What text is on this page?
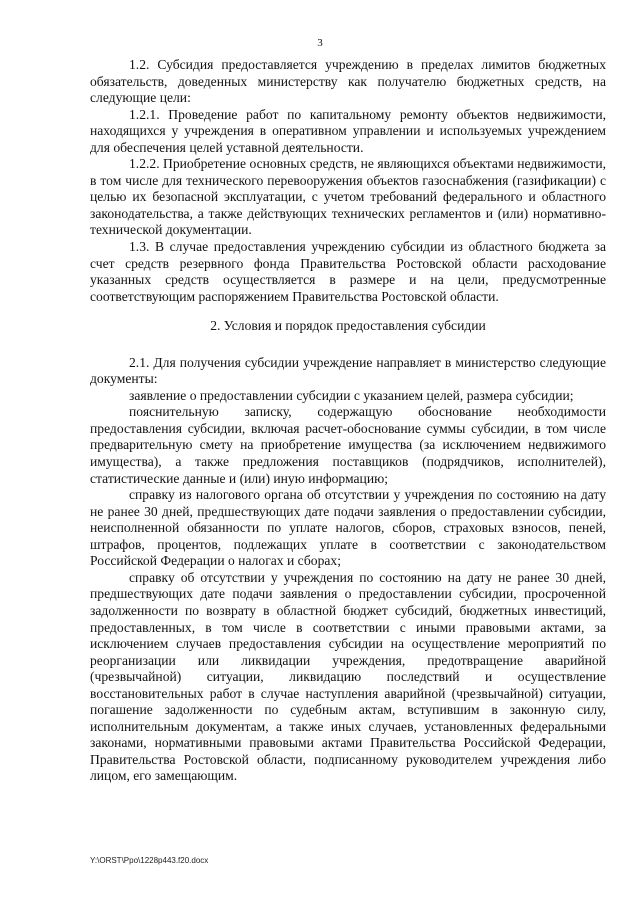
3

1.2. Субсидия предоставляется учреждению в пределах лимитов бюджетных обязательств, доведенных министерству как получателю бюджетных средств, на следующие цели:

1.2.1. Проведение работ по капитальному ремонту объектов недвижимости, находящихся у учреждения в оперативном управлении и используемых учреждением для обеспечения целей уставной деятельности.

1.2.2. Приобретение основных средств, не являющихся объектами недвижимости, в том числе для технического перевооружения объектов газоснабжения (газификации) с целью их безопасной эксплуатации, с учетом требований федерального и областного законодательства, а также действующих технических регламентов и (или) нормативно-технической документации.

1.3. В случае предоставления учреждению субсидии из областного бюджета за счет средств резервного фонда Правительства Ростовской области расходование указанных средств осуществляется в размере и на цели, предусмотренные соответствующим распоряжением Правительства Ростовской области.

2. Условия и порядок предоставления субсидии

2.1. Для получения субсидии учреждение направляет в министерство следующие документы:

заявление о предоставлении субсидии с указанием целей, размера субсидии;

пояснительную записку, содержащую обоснование необходимости предоставления субсидии, включая расчет-обоснование суммы субсидии, в том числе предварительную смету на приобретение имущества (за исключением недвижимого имущества), а также предложения поставщиков (подрядчиков, исполнителей), статистические данные и (или) иную информацию;

справку из налогового органа об отсутствии у учреждения по состоянию на дату не ранее 30 дней, предшествующих дате подачи заявления о предоставлении субсидии, неисполненной обязанности по уплате налогов, сборов, страховых взносов, пеней, штрафов, процентов, подлежащих уплате в соответствии с законодательством Российской Федерации о налогах и сборах;

справку об отсутствии у учреждения по состоянию на дату не ранее 30 дней, предшествующих дате подачи заявления о предоставлении субсидии, просроченной задолженности по возврату в областной бюджет субсидий, бюджетных инвестиций, предоставленных, в том числе в соответствии с иными правовыми актами, за исключением случаев предоставления субсидии на осуществление мероприятий по реорганизации или ликвидации учреждения, предотвращение аварийной (чрезвычайной) ситуации, ликвидацию последствий и осуществление восстановительных работ в случае наступления аварийной (чрезвычайной) ситуации, погашение задолженности по судебным актам, вступившим в законную силу, исполнительным документам, а также иных случаев, установленных федеральными законами, нормативными правовыми актами Правительства Российской Федерации, Правительства Ростовской области, подписанному руководителем учреждения либо лицом, его замещающим.

Y:\ORST\Ppo\1228p443.f20.docx
